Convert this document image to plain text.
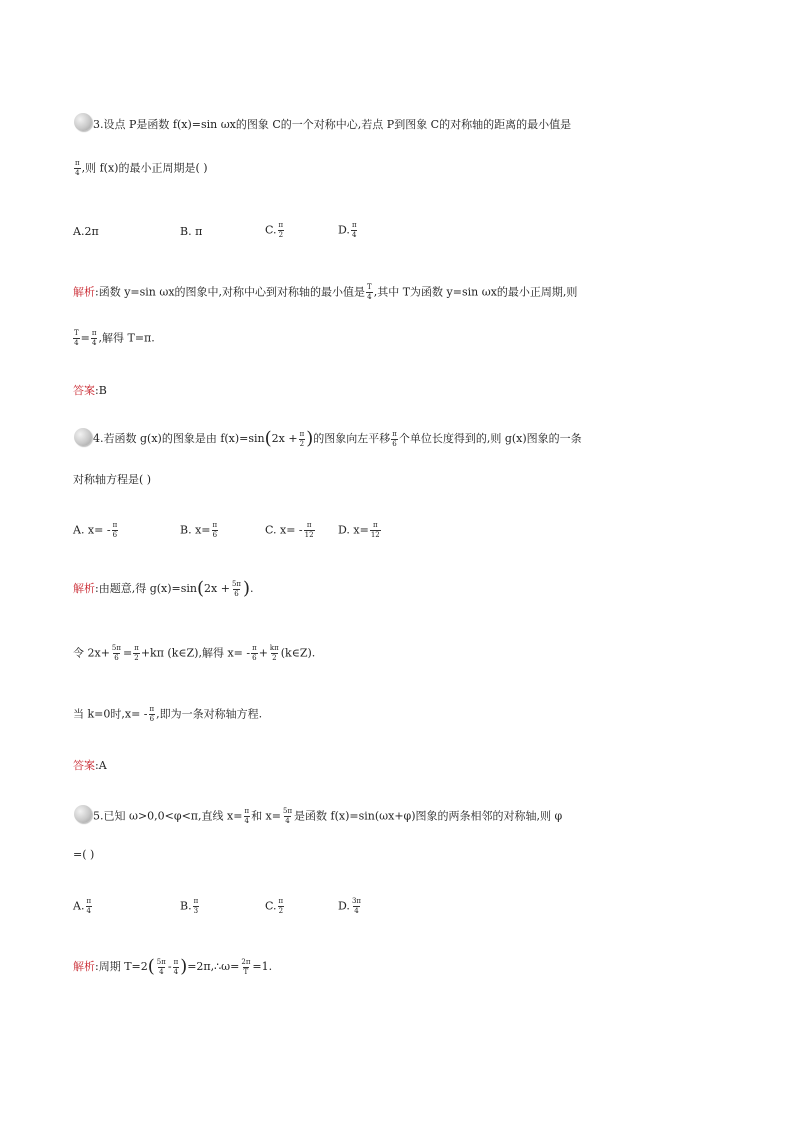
3.设点 P是函数 f(x)=sin ωx的图象 C的一个对称中心,若点 P到图象 C的对称轴的距离的最小值是
$\frac{\pi}{4}$ ,则 f(x)的最小正周期是( )
A.2π	B. π	C. $\frac{\pi}{2}$	D. $\frac{\pi}{4}$
解析:函数 y=sin ωx的图象中,对称中心到对称轴的最小值是 $\frac{T}{4}$ ,其中 T为函数 y=sin ωx的最小正周期,则
$\frac{T}{4} = \frac{\pi}{4}$ ,解得 T=π.
答案:B
4.若函数 g(x)的图象是由 $f(x)=\sin(2x + \frac{\pi}{2}$ )的图象向左平移 $\frac{\pi}{6}$ 个单位长度得到的,则 g(x)图象的一条
对称轴方程是( )
A. $x= - \frac{\pi}{6}$	B. $x= \frac{\pi}{6}$	C. $x= - \frac{\pi}{12} D$. $x= \frac{\pi}{12}$
解析:由题意,得 $g(x)=\sin(2x + \frac{5\pi}{6}$ ).
令 $2x+ \frac{5\pi}{6} = \frac{\pi}{2} +k\pi$ (k∈Z),解得 $x= - \frac{\pi}{6} + \frac{k\pi}{2}$ (k∈Z).
当 k=0时$,x= - \frac{\pi}{6}$ ,即为一条对称轴方程.
答案:A
5.已知 ω>0,0<φ<π,直线 $x= \frac{\pi}{4}$ 和 $x= \frac{5\pi}{4}$ 是函数 f(x)=sin(ωx+φ)图象的两条相邻的对称轴,则 φ
=( )
A. $\frac{\pi}{4}$	B. $\frac{\pi}{3}$	C. $\frac{\pi}{2}$	D. $\frac{3\pi}{4}$
解析:周期 $T=2( \frac{5\pi}{4} - \frac{\pi}{4}$ )=2π,∴ω= $\frac{2\pi}{T} =1$.
